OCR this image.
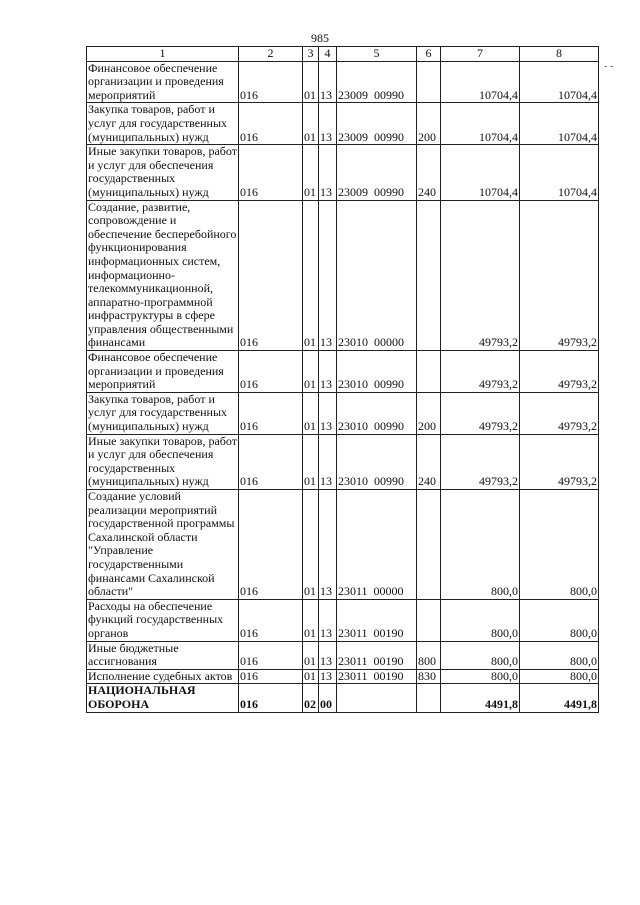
985
- -
1	2	3	4	5	6	7	8
Финансовое обеспечение организации и проведения мероприятий	016	01	13	23009  00990		10704,4	10704,4
Закупка товаров, работ и услуг для государственных (муниципальных) нужд	016	01	13	23009  00990	200	10704,4	10704,4
Иные закупки товаров, работ и услуг для обеспечения государственных (муниципальных) нужд	016	01	13	23009  00990	240	10704,4	10704,4
Создание, развитие, сопровождение и обеспечение бесперебойного функционирования информационных систем, информационно-телекоммуникационной, аппаратно-программной инфраструктуры в сфере управления общественными финансами	016	01	13	23010  00000		49793,2	49793,2
Финансовое обеспечение организации и проведения мероприятий	016	01	13	23010  00990		49793,2	49793,2
Закупка товаров, работ и услуг для государственных (муниципальных) нужд	016	01	13	23010  00990	200	49793,2	49793,2
Иные закупки товаров, работ и услуг для обеспечения государственных (муниципальных) нужд	016	01	13	23010  00990	240	49793,2	49793,2
Создание условий реализации мероприятий государственной программы Сахалинской области "Управление государственными финансами Сахалинской области"	016	01	13	23011  00000		800,0	800,0
Расходы на обеспечение функций государственных органов	016	01	13	23011  00190		800,0	800,0
Иные бюджетные ассигнования	016	01	13	23011  00190	800	800,0	800,0
Исполнение судебных актов	016	01	13	23011  00190	830	800,0	800,0
НАЦИОНАЛЬНАЯ ОБОРОНА	016	02	00			4491,8	4491,8
